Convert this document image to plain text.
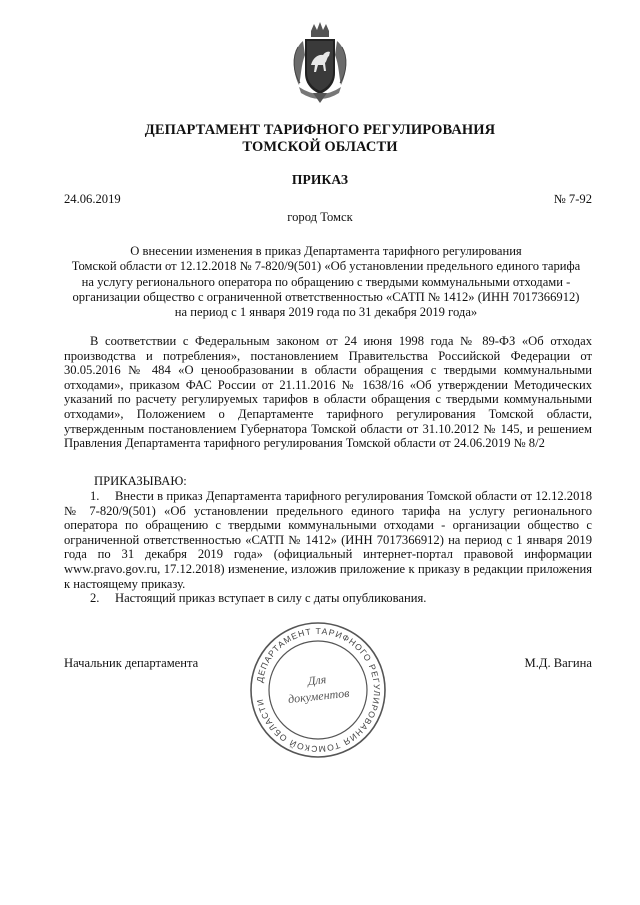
ДЕПАРТАМЕНТ ТАРИФНОГО РЕГУЛИРОВАНИЯ
ТОМСКОЙ ОБЛАСТИ
ПРИКАЗ
24.06.2019	№ 7-92
город Томск
О внесении изменения в приказ Департамента тарифного регулирования
Томской области от 12.12.2018 № 7-820/9(501) «Об установлении предельного единого тарифа
на услугу регионального оператора по обращению с твердыми коммунальными отходами -
организации общество с ограниченной ответственностью «САТП № 1412» (ИНН 7017366912)
на период с 1 января 2019 года по 31 декабря 2019 года»
В соответствии с Федеральным законом от 24 июня 1998 года № 89-ФЗ «Об отходах производства и потребления», постановлением Правительства Российской Федерации от 30.05.2016 № 484 «О ценообразовании в области обращения с твердыми коммунальными отходами», приказом ФАС России от 21.11.2016 № 1638/16 «Об утверждении Методических указаний по расчету регулируемых тарифов в области обращения с твердыми коммунальными отходами», Положением о Департаменте тарифного регулирования Томской области, утвержденным постановлением Губернатора Томской области от 31.10.2012 № 145, и решением Правления Департамента тарифного регулирования Томской области от 24.06.2019 № 8/2
ПРИКАЗЫВАЮ:
1. Внести в приказ Департамента тарифного регулирования Томской области от 12.12.2018 № 7-820/9(501) «Об установлении предельного единого тарифа на услугу регионального оператора по обращению с твердыми коммунальными отходами - организации общество с ограниченной ответственностью «САТП № 1412» (ИНН 7017366912) на период с 1 января 2019 года по 31 декабря 2019 года» (официальный интернет-портал правовой информации www.pravo.gov.ru, 17.12.2018) изменение, изложив приложение к приказу в редакции приложения к настоящему приказу.
2. Настоящий приказ вступает в силу с даты опубликования.
Начальник департамента	М.Д. Вагина
ДЕПАРТАМЕНТ ТАРИФНОГО РЕГУЛИРОВАНИЯ ТОМСКОЙ ОБЛАСТИ
Для
документов
